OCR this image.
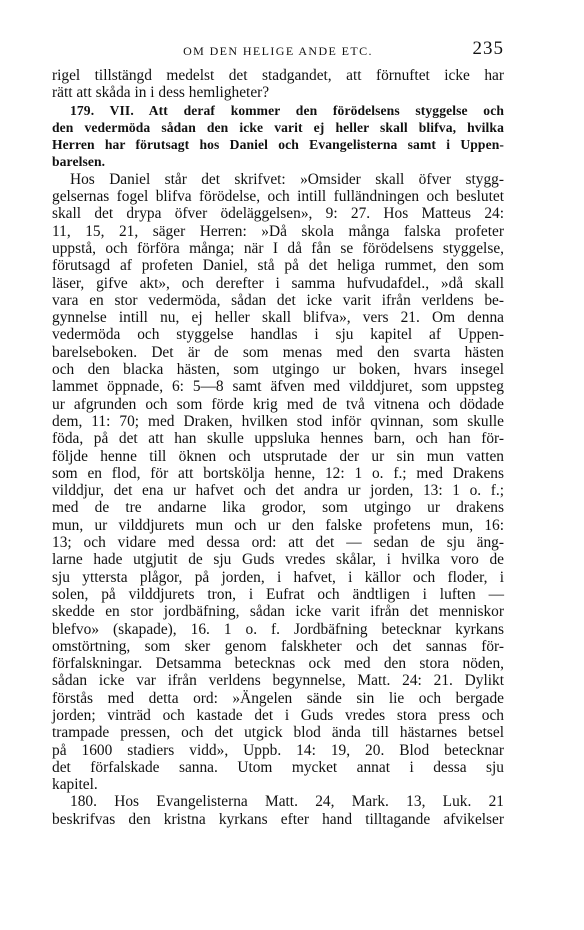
OM DEN HELIGE ANDE ETC.	235
rigel tillstängd medelst det stadgandet, att förnuftet icke har
rätt att skåda in i dess hemligheter?
179. VII. Att deraf kommer den förödelsens styggelse och
den vedermöda sådan den icke varit ej heller skall blifva, hvilka
Herren har förutsagt hos Daniel och Evangelisterna samt i Uppen-
barelsen.
Hos Daniel står det skrifvet: »Omsider skall öfver stygg-
gelsernas fogel blifva förödelse, och intill fulländningen och beslutet
skall det drypa öfver ödeläggelsen», 9: 27. Hos Matteus 24:
11, 15, 21, säger Herren: »Då skola många falska profeter
uppstå, och förföra många; när I då fån se förödelsens styggelse,
förutsagd af profeten Daniel, stå på det heliga rummet, den som
läser, gifve akt», och derefter i samma hufvudafdel., »då skall
vara en stor vedermöda, sådan det icke varit ifrån verldens be-
gynnelse intill nu, ej heller skall blifva», vers 21. Om denna
vedermöda och styggelse handlas i sju kapitel af Uppen-
barelseboken. Det är de som menas med den svarta hästen
och den blacka hästen, som utgingo ur boken, hvars insegel
lammet öppnade, 6: 5—8 samt äfven med vilddjuret, som uppsteg
ur afgrunden och som förde krig med de två vitnena och dödade
dem, 11: 70; med Draken, hvilken stod inför qvinnan, som skulle
föda, på det att han skulle uppsluka hennes barn, och han för-
följde henne till öknen och utsprutade der ur sin mun vatten
som en flod, för att bortskölja henne, 12: 1 o. f.; med Drakens
vilddjur, det ena ur hafvet och det andra ur jorden, 13: 1 o. f.;
med de tre andarne lika grodor, som utgingo ur drakens
mun, ur vilddjurets mun och ur den falske profetens mun, 16:
13; och vidare med dessa ord: att det — sedan de sju äng-
larne hade utgjutit de sju Guds vredes skålar, i hvilka voro de
sju yttersta plågor, på jorden, i hafvet, i källor och floder, i
solen, på vilddjurets tron, i Eufrat och ändtligen i luften —
skedde en stor jordbäfning, sådan icke varit ifrån det menniskor
blefvo» (skapade), 16. 1 o. f. Jordbäfning betecknar kyrkans
omstörtning, som sker genom falskheter och det sannas för-
förfalskningar. Detsamma betecknas ock med den stora nöden,
sådan icke var ifrån verldens begynnelse, Matt. 24: 21. Dylikt
förstås med detta ord: »Ängelen sände sin lie och bergade
jorden; vinträd och kastade det i Guds vredes stora press och
trampade pressen, och det utgick blod ända till hästarnes betsel
på 1600 stadiers vidd», Uppb. 14: 19, 20. Blod betecknar
det förfalskade sanna. Utom mycket annat i dessa sju
kapitel.
180. Hos Evangelisterna Matt. 24, Mark. 13, Luk. 21
beskrifvas den kristna kyrkans efter hand tilltagande afvikelser
